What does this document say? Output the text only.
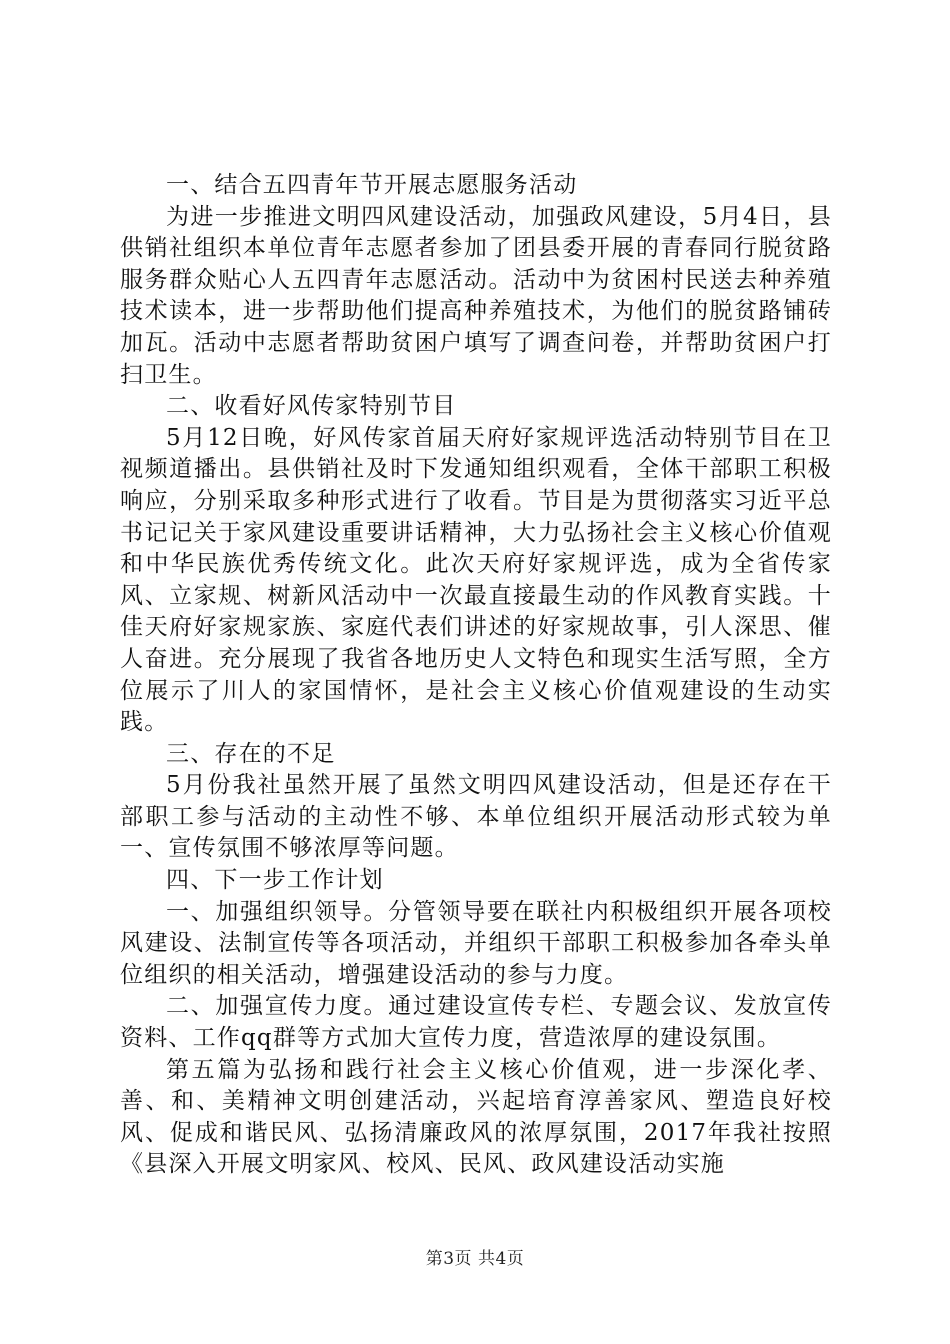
一、结合五四青年节开展志愿服务活动

为进一步推进文明四风建设活动，加强政风建设，5月4日，县供销社组织本单位青年志愿者参加了团县委开展的青春同行脱贫路服务群众贴心人五四青年志愿活动。活动中为贫困村民送去种养殖技术读本，进一步帮助他们提高种养殖技术，为他们的脱贫路铺砖加瓦。活动中志愿者帮助贫困户填写了调查问卷，并帮助贫困户打扫卫生。

二、收看好风传家特别节目

5月12日晚，好风传家首届天府好家规评选活动特别节目在卫视频道播出。县供销社及时下发通知组织观看，全体干部职工积极响应，分别采取多种形式进行了收看。节目是为贯彻落实习近平总书记记关于家风建设重要讲话精神，大力弘扬社会主义核心价值观和中华民族优秀传统文化。此次天府好家规评选，成为全省传家风、立家规、树新风活动中一次最直接最生动的作风教育实践。十佳天府好家规家族、家庭代表们讲述的好家规故事，引人深思、催人奋进。充分展现了我省各地历史人文特色和现实生活写照，全方位展示了川人的家国情怀，是社会主义核心价值观建设的生动实践。

三、存在的不足

5月份我社虽然开展了虽然文明四风建设活动，但是还存在干部职工参与活动的主动性不够、本单位组织开展活动形式较为单一、宣传氛围不够浓厚等问题。

四、下一步工作计划

一、加强组织领导。分管领导要在联社内积极组织开展各项校风建设、法制宣传等各项活动，并组织干部职工积极参加各牵头单位组织的相关活动，增强建设活动的参与力度。

二、加强宣传力度。通过建设宣传专栏、专题会议、发放宣传资料、工作qq群等方式加大宣传力度，营造浓厚的建设氛围。

第五篇为弘扬和践行社会主义核心价值观，进一步深化孝、善、和、美精神文明创建活动，兴起培育淳善家风、塑造良好校风、促成和谐民风、弘扬清廉政风的浓厚氛围，2017年我社按照《县深入开展文明家风、校风、民风、政风建设活动实施

第3页 共4页
